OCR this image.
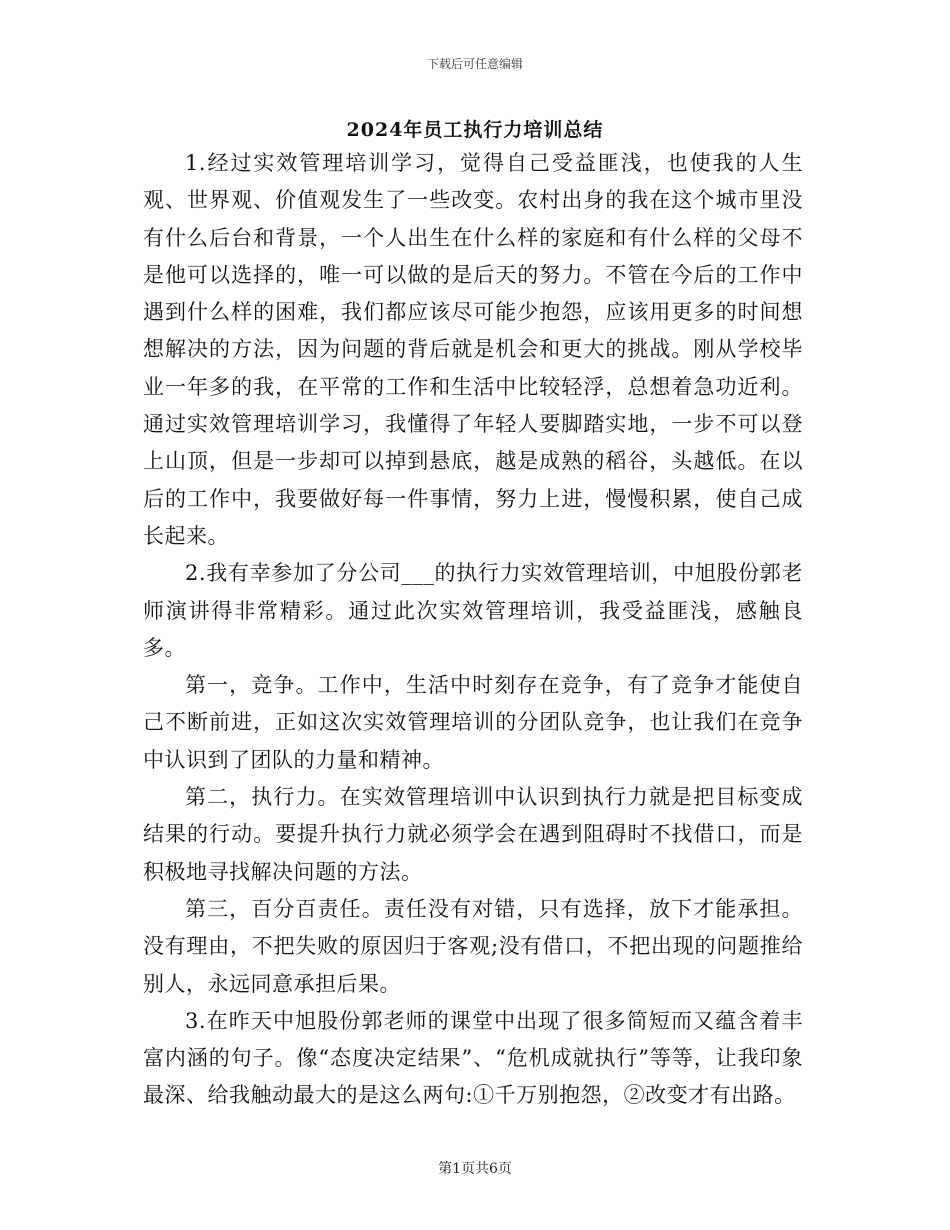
下载后可任意编辑
2024年员工执行力培训总结

1.经过实效管理培训学习，觉得自己受益匪浅，也使我的人生观、世界观、价值观发生了一些改变。农村出身的我在这个城市里没有什么后台和背景，一个人出生在什么样的家庭和有什么样的父母不是他可以选择的，唯一可以做的是后天的努力。不管在今后的工作中遇到什么样的困难，我们都应该尽可能少抱怨，应该用更多的时间想想解决的方法，因为问题的背后就是机会和更大的挑战。刚从学校毕业一年多的我，在平常的工作和生活中比较轻浮，总想着急功近利。通过实效管理培训学习，我懂得了年轻人要脚踏实地，一步不可以登上山顶，但是一步却可以掉到悬底，越是成熟的稻谷，头越低。在以后的工作中，我要做好每一件事情，努力上进，慢慢积累，使自己成长起来。

2.我有幸参加了分公司___的执行力实效管理培训，中旭股份郭老师演讲得非常精彩。通过此次实效管理培训，我受益匪浅，感触良多。

第一，竞争。工作中，生活中时刻存在竞争，有了竞争才能使自己不断前进，正如这次实效管理培训的分团队竞争，也让我们在竞争中认识到了团队的力量和精神。

第二，执行力。在实效管理培训中认识到执行力就是把目标变成结果的行动。要提升执行力就必须学会在遇到阻碍时不找借口，而是积极地寻找解决问题的方法。

第三，百分百责任。责任没有对错，只有选择，放下才能承担。没有理由，不把失败的原因归于客观;没有借口，不把出现的问题推给别人，永远同意承担后果。

3.在昨天中旭股份郭老师的课堂中出现了很多简短而又蕴含着丰富内涵的句子。像“态度决定结果”、“危机成就执行”等等，让我印象最深、给我触动最大的是这么两句:①千万别抱怨，②改变才有出路。

第1页共6页
